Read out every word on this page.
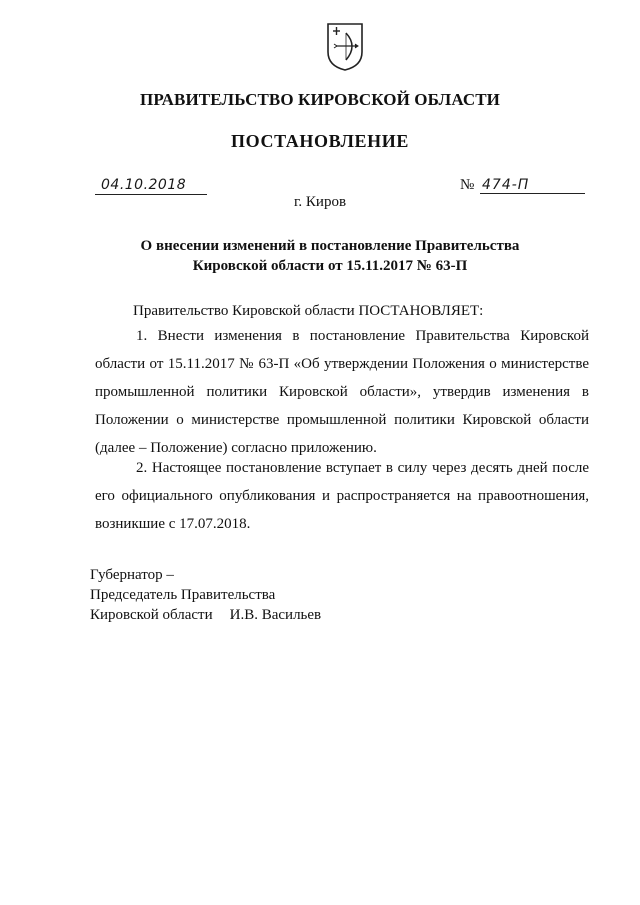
ПРАВИТЕЛЬСТВО КИРОВСКОЙ ОБЛАСТИ
ПОСТАНОВЛЕНИЕ
04.10.2018	№ 474-П
г. Киров
О внесении изменений в постановление Правительства
Кировской области от 15.11.2017 № 63-П
Правительство Кировской области ПОСТАНОВЛЯЕТ:
1. Внести изменения в постановление Правительства Кировской области от 15.11.2017 № 63-П «Об утверждении Положения о министерстве промышленной политики Кировской области», утвердив изменения в Положении о министерстве промышленной политики Кировской области (далее – Положение) согласно приложению.
2. Настоящее постановление вступает в силу через десять дней после его официального опубликования и распространяется на правоотношения, возникшие с 17.07.2018.
Губернатор –
Председатель Правительства
Кировской области И.В. Васильев
